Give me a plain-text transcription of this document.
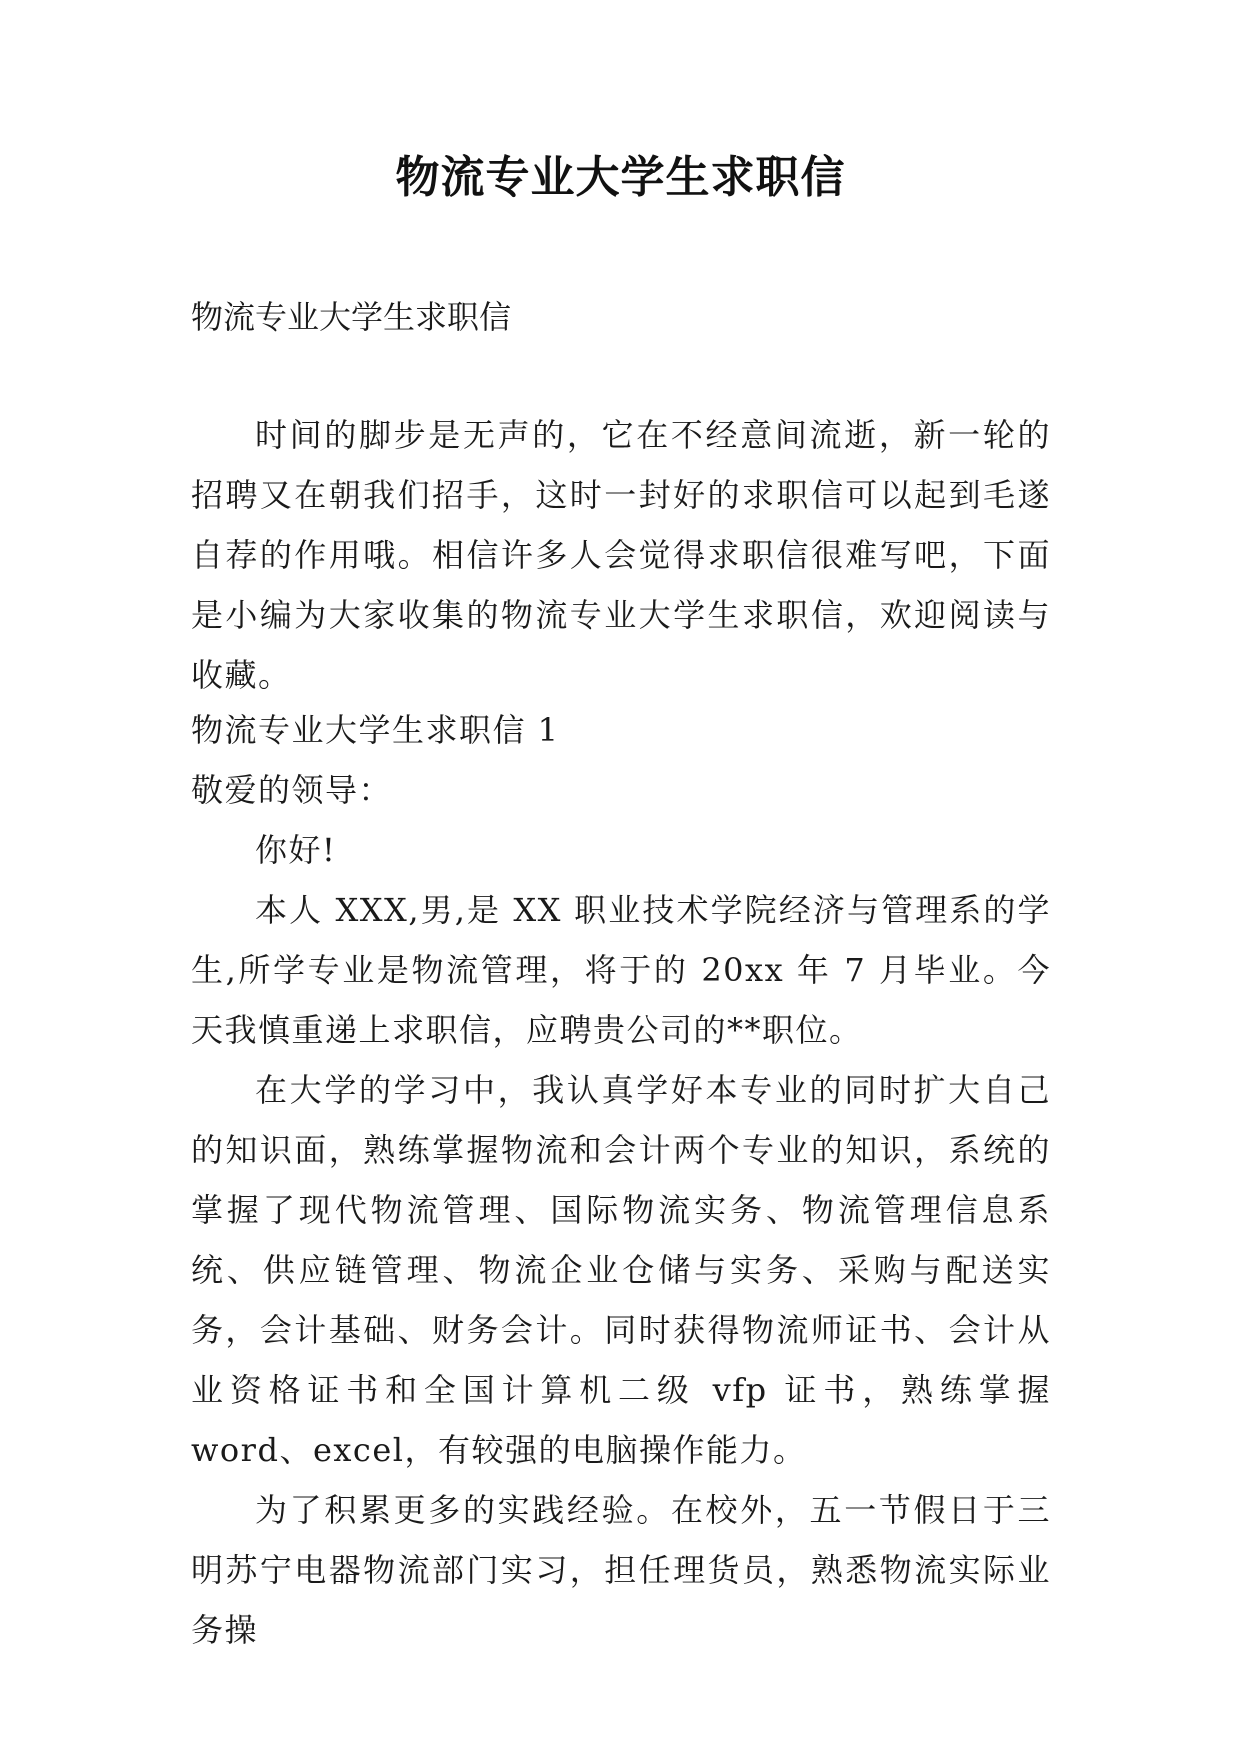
物流专业大学生求职信
物流专业大学生求职信
时间的脚步是无声的，它在不经意间流逝，新一轮的招聘又在朝我们招手，这时一封好的求职信可以起到毛遂自荐的作用哦。相信许多人会觉得求职信很难写吧，下面是小编为大家收集的物流专业大学生求职信，欢迎阅读与收藏。

物流专业大学生求职信 1

敬爱的领导：

你好!

本人 XXX,男,是 XX 职业技术学院经济与管理系的学生,所学专业是物流管理，将于的 20xx 年 7 月毕业。今天我慎重递上求职信，应聘贵公司的**职位。

在大学的学习中，我认真学好本专业的同时扩大自己的知识面，熟练掌握物流和会计两个专业的知识，系统的掌握了现代物流管理、国际物流实务、物流管理信息系统、供应链管理、物流企业仓储与实务、采购与配送实务，会计基础、财务会计。同时获得物流师证书、会计从业资格证书和全国计算机二级 vfp 证书，熟练掌握 word、excel，有较强的电脑操作能力。

为了积累更多的实践经验。在校外，五一节假日于三明苏宁电器物流部门实习，担任理货员，熟悉物流实际业务操
